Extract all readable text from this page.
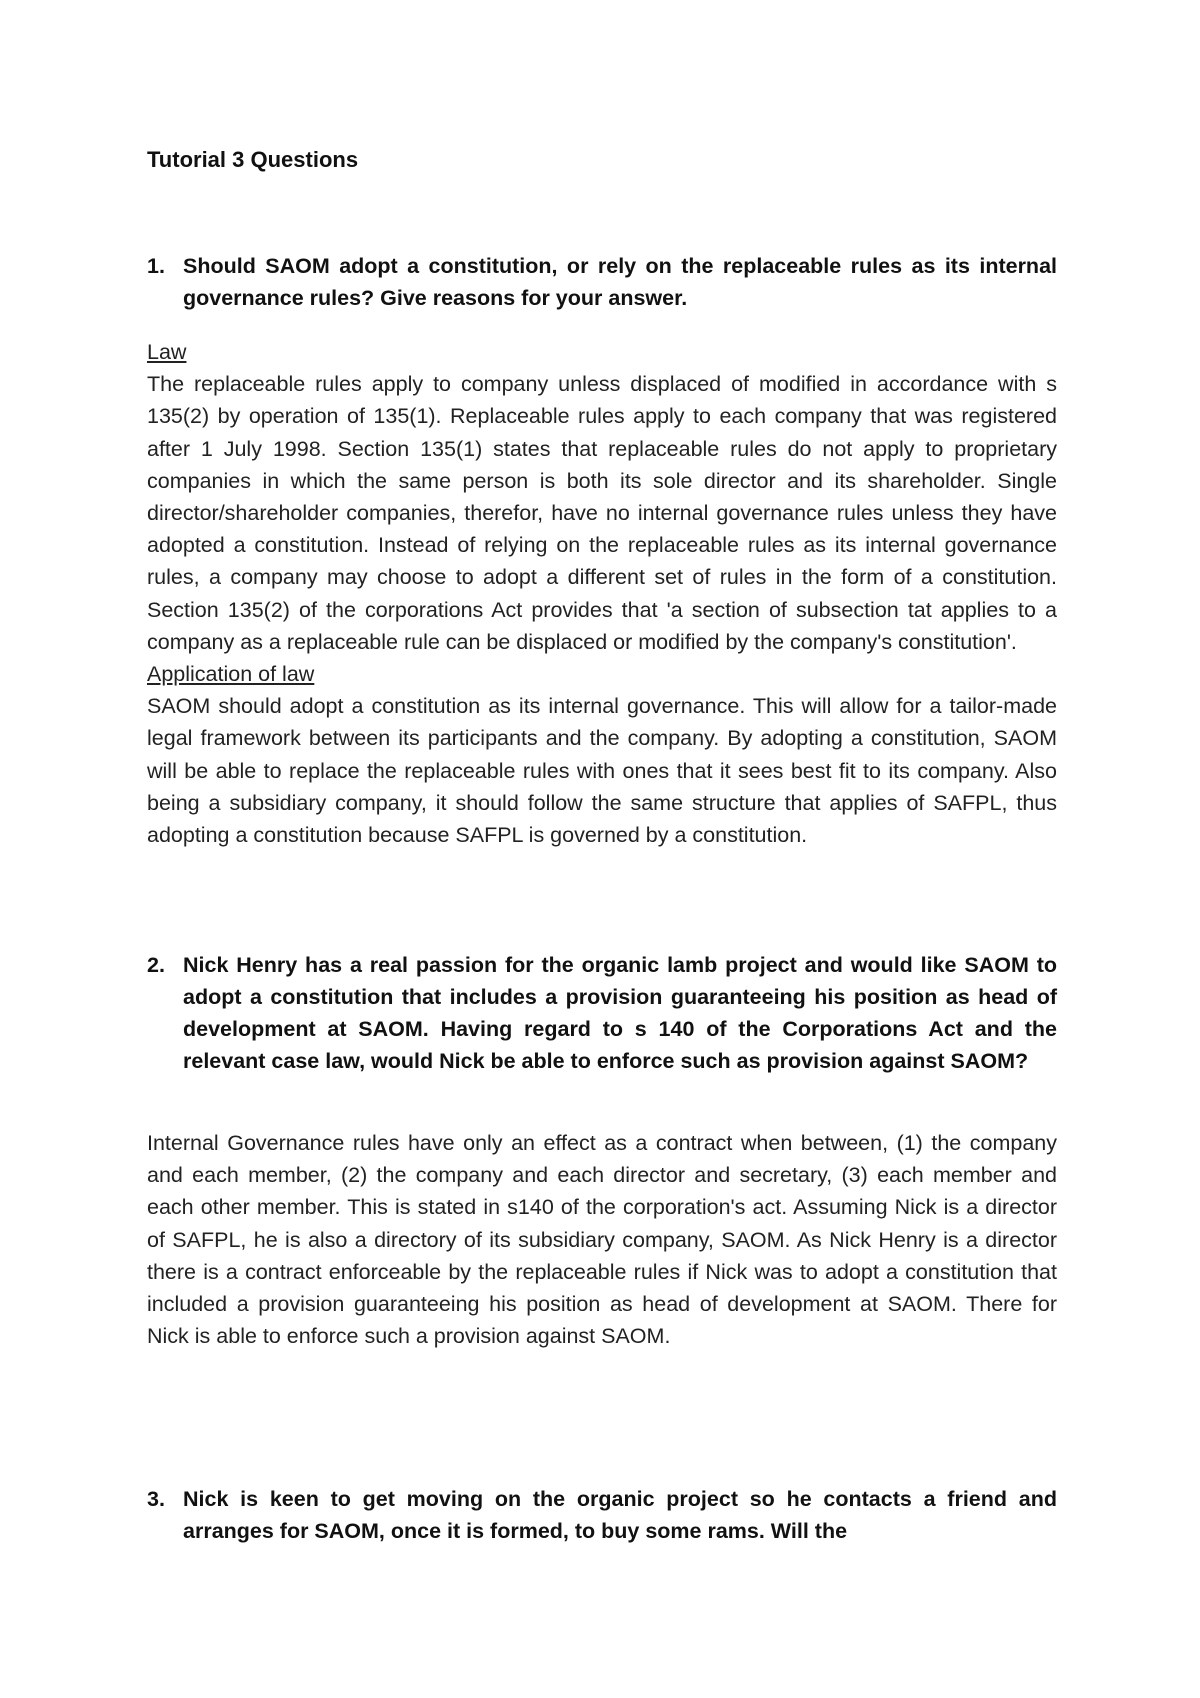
Tutorial 3 Questions
1. Should SAOM adopt a constitution, or rely on the replaceable rules as its internal governance rules? Give reasons for your answer.
Law

The replaceable rules apply to company unless displaced of modified in accordance with s 135(2) by operation of 135(1). Replaceable rules apply to each company that was registered after 1 July 1998. Section 135(1) states that replaceable rules do not apply to proprietary companies in which the same person is both its sole director and its shareholder. Single director/shareholder companies, therefor, have no internal governance rules unless they have adopted a constitution. Instead of relying on the replaceable rules as its internal governance rules, a company may choose to adopt a different set of rules in the form of a constitution. Section 135(2) of the corporations Act provides that 'a section of subsection tat applies to a company as a replaceable rule can be displaced or modified by the company's constitution'.

Application of law

SAOM should adopt a constitution as its internal governance. This will allow for a tailor-made legal framework between its participants and the company. By adopting a constitution, SAOM will be able to replace the replaceable rules with ones that it sees best fit to its company. Also being a subsidiary company, it should follow the same structure that applies of SAFPL, thus adopting a constitution because SAFPL is governed by a constitution.

2. Nick Henry has a real passion for the organic lamb project and would like SAOM to adopt a constitution that includes a provision guaranteeing his position as head of development at SAOM. Having regard to s 140 of the Corporations Act and the relevant case law, would Nick be able to enforce such as provision against SAOM?

Internal Governance rules have only an effect as a contract when between, (1) the company and each member, (2) the company and each director and secretary, (3) each member and each other member. This is stated in s140 of the corporation's act. Assuming Nick is a director of SAFPL, he is also a directory of its subsidiary company, SAOM. As Nick Henry is a director there is a contract enforceable by the replaceable rules if Nick was to adopt a constitution that included a provision guaranteeing his position as head of development at SAOM. There for Nick is able to enforce such a provision against SAOM.

3. Nick is keen to get moving on the organic project so he contacts a friend and arranges for SAOM, once it is formed, to buy some rams. Will the
